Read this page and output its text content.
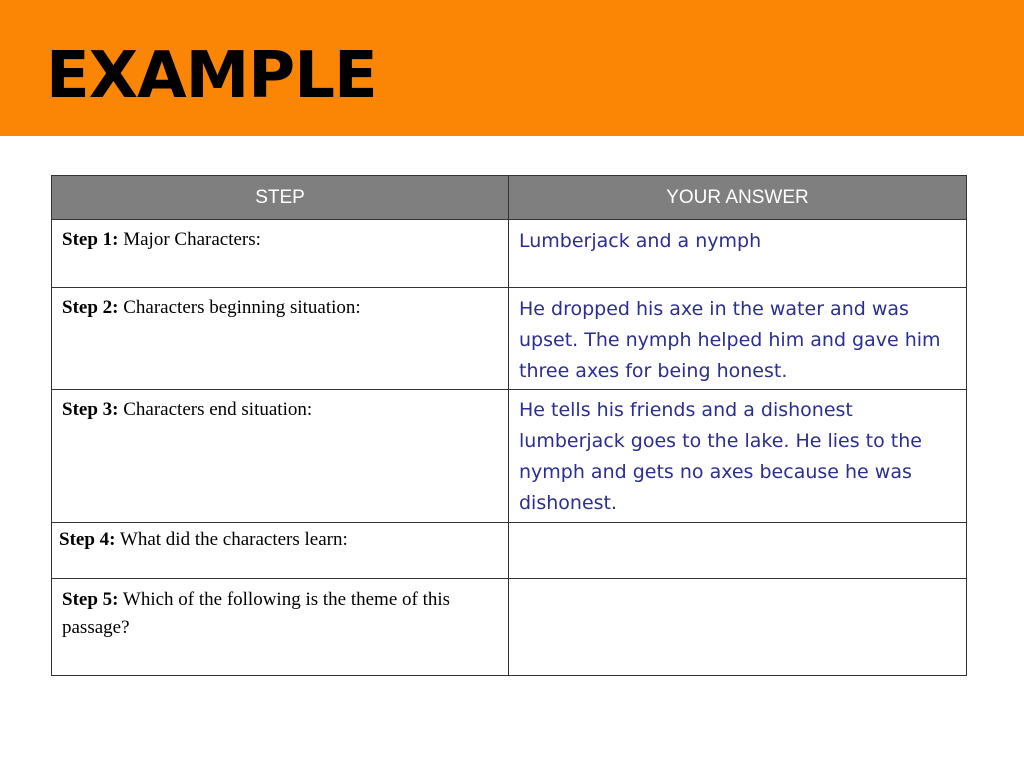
EXAMPLE
STEP	YOUR ANSWER

Step 1: Major Characters:	Lumberjack and a nymph

Step 2: Characters beginning situation:	He dropped his axe in the water and was upset. The nymph helped him and gave him three axes for being honest.

Step 3: Characters end situation:	He tells his friends and a dishonest lumberjack goes to the lake. He lies to the nymph and gets no axes because he was dishonest.

Step 4: What did the characters learn:	

Step 5: Which of the following is the theme of this passage?	
